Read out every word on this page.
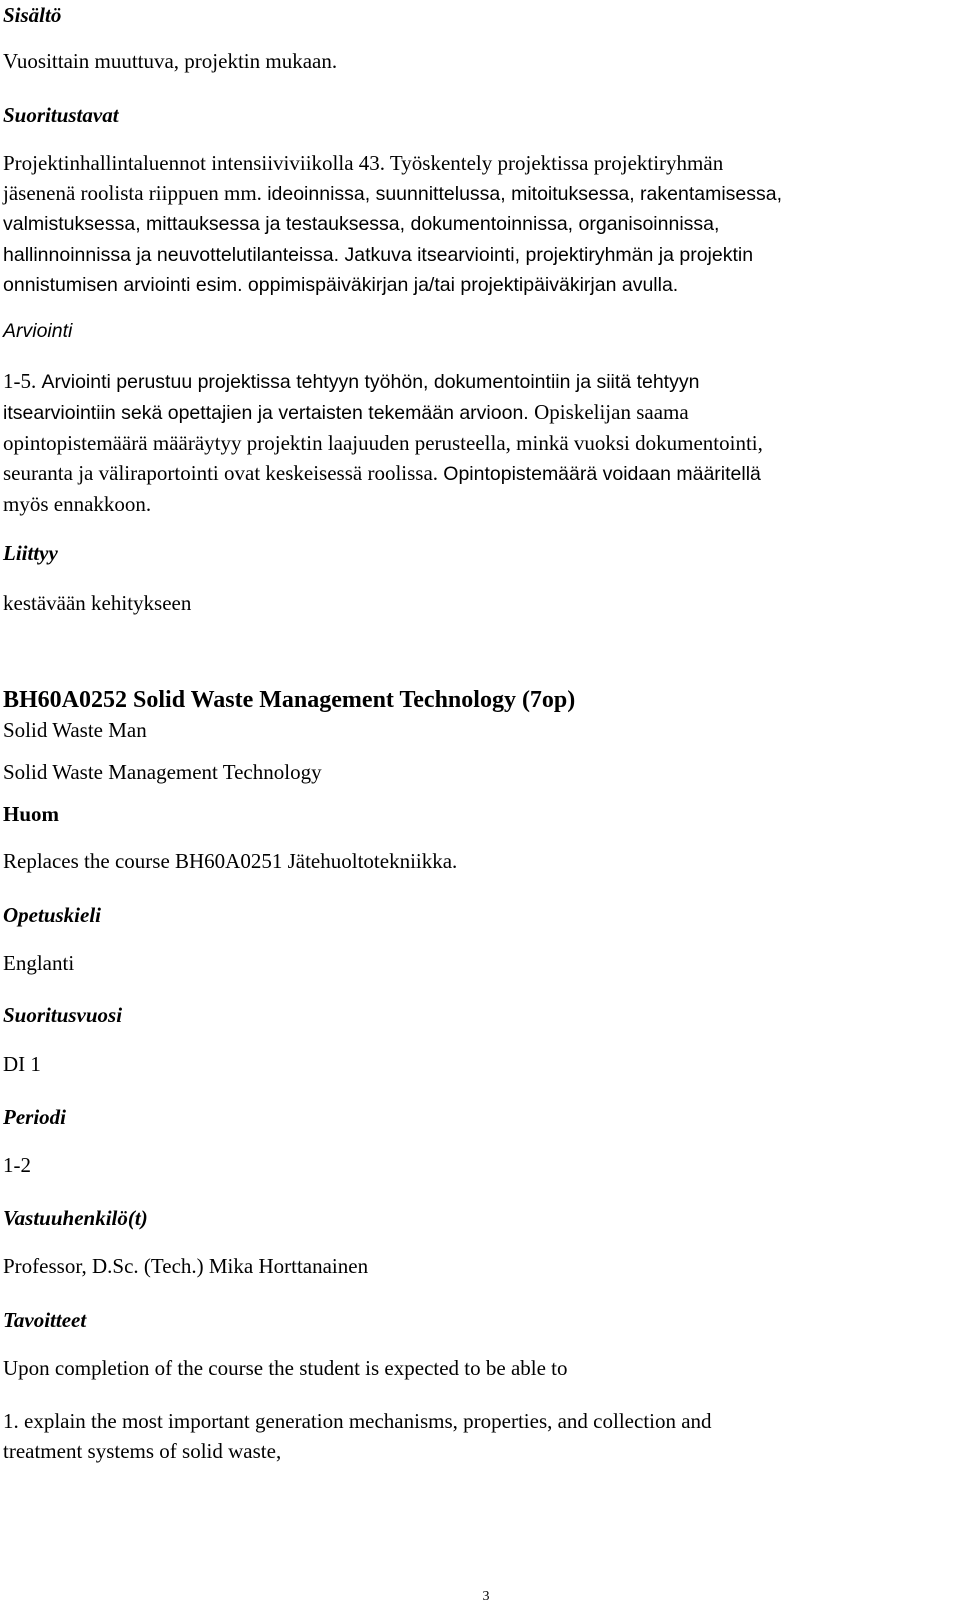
Sisältö

Vuosittain muuttuva, projektin mukaan.

Suoritustavat

Projektinhallintaluennot intensiiviviikolla 43. Työskentely projektissa projektiryhmän

jäsenenä roolista riippuen mm. ideoinnissa, suunnittelussa, mitoituksessa, rakentamisessa,

valmistuksessa, mittauksessa ja testauksessa, dokumentoinnissa, organisoinnissa,

hallinnoinnissa ja neuvottelutilanteissa. Jatkuva itsearviointi, projektiryhmän ja projektin

onnistumisen arviointi esim. oppimispäiväkirjan ja/tai projektipäiväkirjan avulla.

Arviointi

1-5. Arviointi perustuu projektissa tehtyyn työhön, dokumentointiin ja siitä tehtyyn

itsearviointiin sekä opettajien ja vertaisten tekemään arvioon. Opiskelijan saama

opintopistemäärä määräytyy projektin laajuuden perusteella, minkä vuoksi dokumentointi,

seuranta ja väliraportointi ovat keskeisessä roolissa. Opintopistemäärä voidaan määritellä

myös ennakkoon.

Liittyy

kestävään kehitykseen

BH60A0252 Solid Waste Management Technology (7op)

Solid Waste Man

Solid Waste Management Technology

Huom

Replaces the course BH60A0251 Jätehuoltotekniikka.

Opetuskieli

Englanti

Suoritusvuosi

DI 1

Periodi

1-2

Vastuuhenkilö(t)

Professor, D.Sc. (Tech.) Mika Horttanainen

Tavoitteet

Upon completion of the course the student is expected to be able to

1. explain the most important generation mechanisms, properties, and collection and

treatment systems of solid waste,

3
